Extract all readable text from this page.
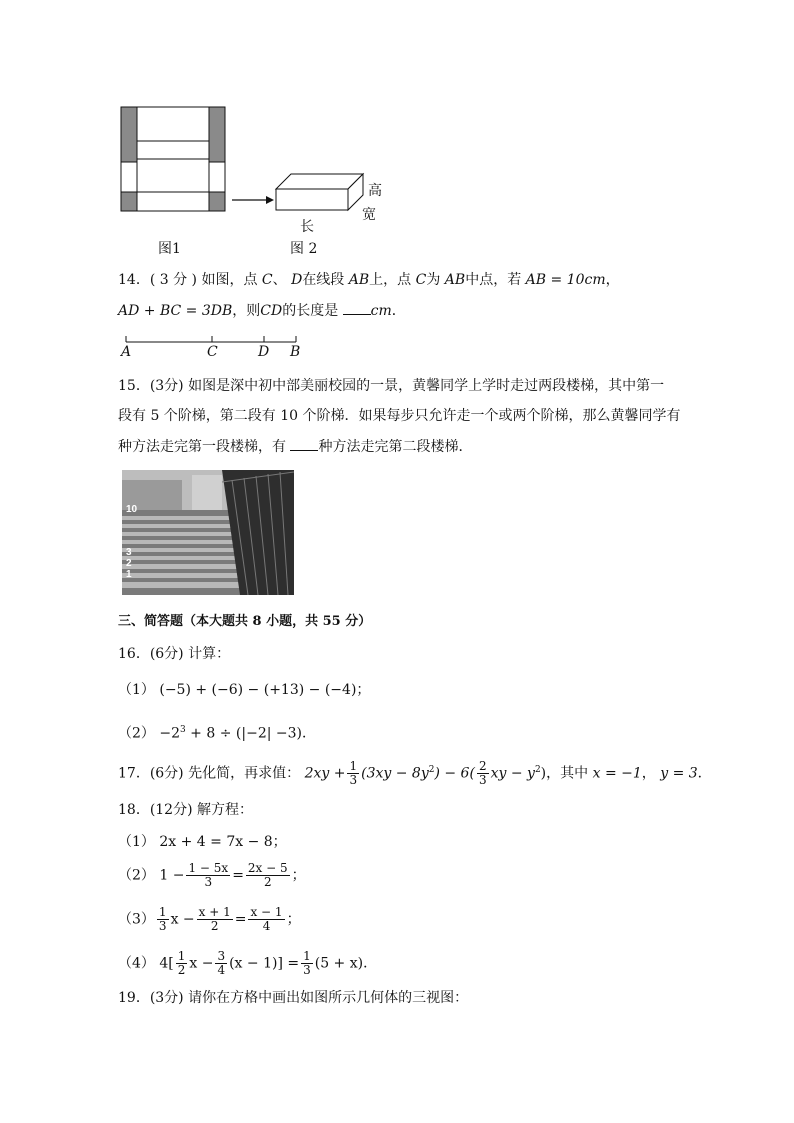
高
宽
长
图1	图 2
14．( 3 分 ) 如图，点 C、 D在线段 AB上，点 C为 AB中点，若 AB = 10cm，
AD + BC = 3DB，则CD的长度是 cm．
A	C	D B
15．(3分) 如图是深中初中部美丽校园的一景，黄馨同学上学时走过两段楼梯，其中第一
段有 5 个阶梯，第二段有 10 个阶梯．如果每步只允许走一个或两个阶梯，那么黄馨同学有
种方法走完第一段楼梯，有 种方法走完第二段楼梯．
10
3
2
1
三、简答题（本大题共 8 小题，共 55 分）
16．(6分) 计算：
（1） (−5) + (−6) − (+13) − (−4)；
$(2) -2^3 + 8 \div (|-2| -3)$．
17．(6分) 先化简，再求值： $2xy + \frac{1}{3} (3xy - 8y^2) - 6( \frac{2}{3}$ xy − $y^2$)，其中 x = −1， y = 3．
18．(12分) 解方程：
（1） 2x + 4 = 7x − 8；
（2） $1 - \frac{1 - 5x}{3} = \frac{2x - 5}{2}$ ；
$(3) \frac{1}{3}$ $x - \frac{x + 1}{2} = \frac{x - 1}{4}$ ；
（4） $4[ \frac{1}{2}$ $x - \frac{3}{4} (x - 1)] = \frac{1}{3} (5 + x)$．
19．(3分) 请你在方格中画出如图所示几何体的三视图：
